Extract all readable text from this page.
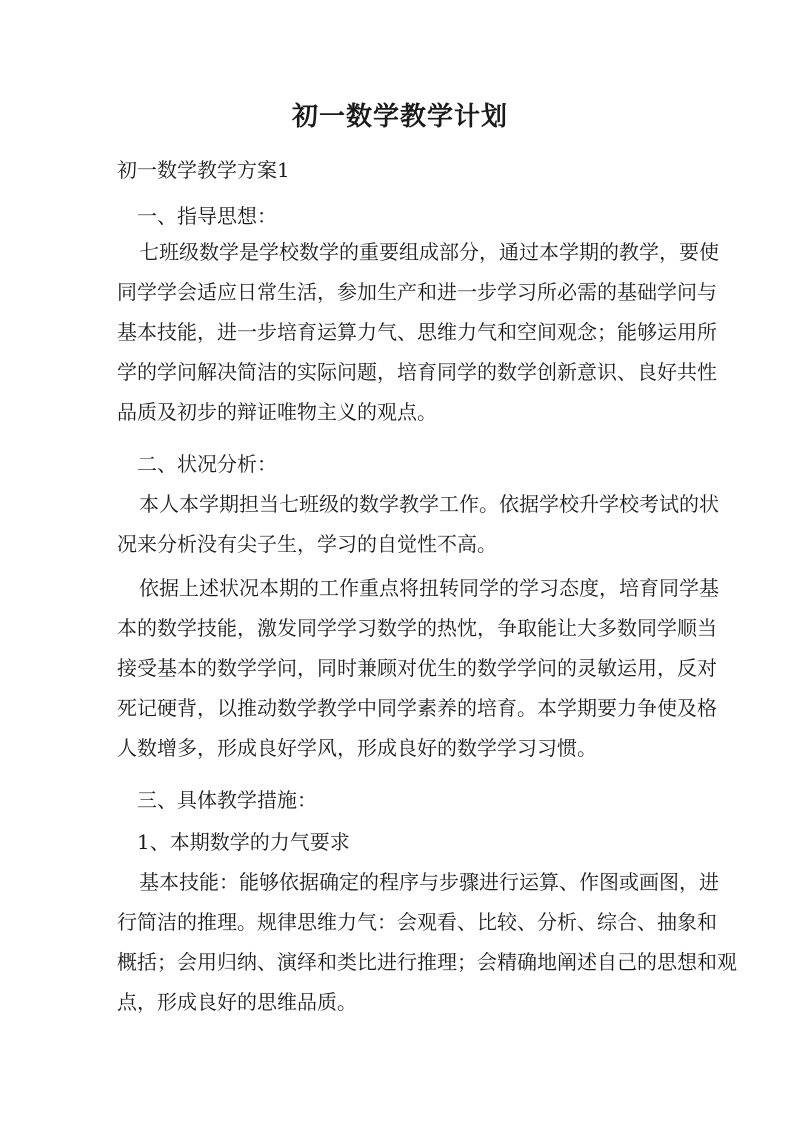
初一数学教学计划
初一数学教学方案1
一、指导思想：
七班级数学是学校数学的重要组成部分，通过本学期的教学，要使
同学学会适应日常生活，参加生产和进一步学习所必需的基础学问与
基本技能，进一步培育运算力气、思维力气和空间观念；能够运用所
学的学问解决简洁的实际问题，培育同学的数学创新意识、良好共性
品质及初步的辩证唯物主义的观点。
二、状况分析：
本人本学期担当七班级的数学教学工作。依据学校升学校考试的状
况来分析没有尖子生，学习的自觉性不高。
依据上述状况本期的工作重点将扭转同学的学习态度，培育同学基
本的数学技能，激发同学学习数学的热忱，争取能让大多数同学顺当
接受基本的数学学问，同时兼顾对优生的数学学问的灵敏运用，反对
死记硬背，以推动数学教学中同学素养的培育。本学期要力争使及格
人数增多，形成良好学风，形成良好的数学学习习惯。
三、具体教学措施：
1、本期数学的力气要求
基本技能：能够依据确定的程序与步骤进行运算、作图或画图，进
行简洁的推理。规律思维力气：会观看、比较、分析、综合、抽象和
概括；会用归纳、演绎和类比进行推理；会精确地阐述自己的思想和观
点，形成良好的思维品质。
